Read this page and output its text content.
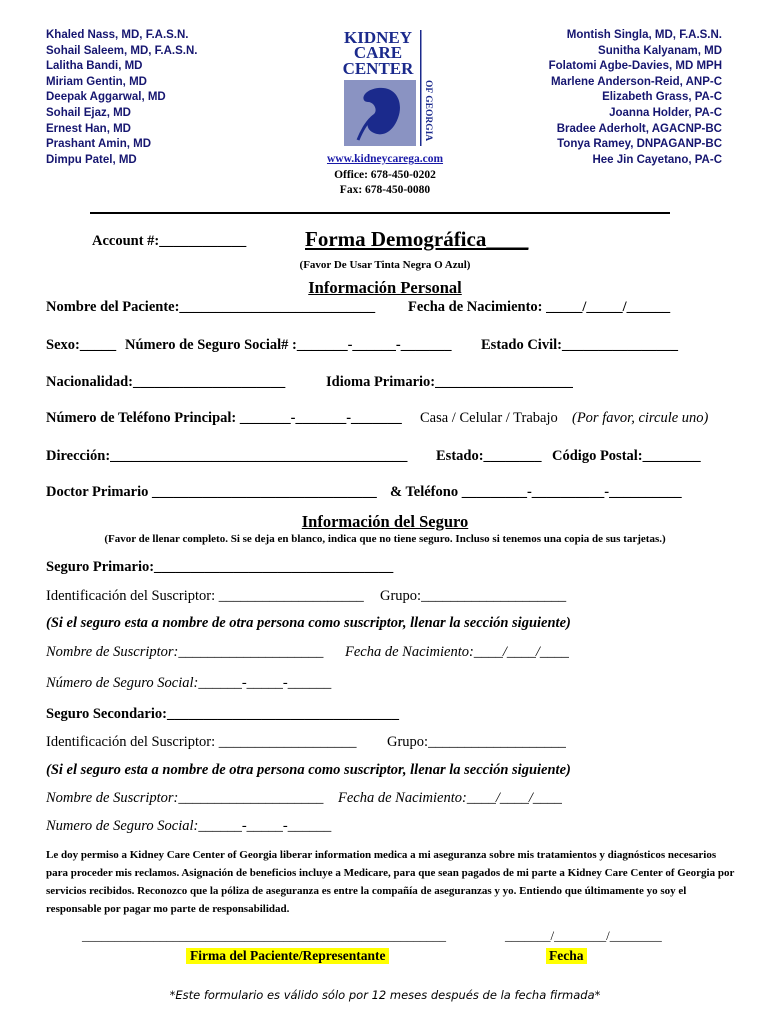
Khaled Nass, MD, F.A.S.N.
Sohail Saleem, MD, F.A.S.N.
Lalitha Bandi, MD
Miriam Gentin, MD
Deepak Aggarwal, MD
Sohail Ejaz, MD
Ernest Han, MD
Prashant Amin, MD
Dimpu Patel, MD
Montish Singla, MD, F.A.S.N.
Sunitha Kalyanam, MD
Folatomi Agbe-Davies, MD MPH
Marlene Anderson-Reid, ANP-C
Elizabeth Grass, PA-C
Joanna Holder, PA-C
Bradee Aderholt, AGACNP-BC
Tonya Ramey, DNPAGANP-BC
Hee Jin Cayetano, PA-C
KIDNEY
CARE
CENTER
OF GEORGIA
www.kidneycarega.com
Office: 678-450-0202
Fax: 678-450-0080
Account #:____________	Forma Demográfica____
(Favor De Usar Tinta Negra O Azul)
Información Personal
Nombre del Paciente:___________________________ Fecha de Nacimiento: _____/_____/______
Sexo:_____ Número de Seguro Social# :_______-______-_______ Estado Civil:________________
Nacionalidad:_____________________	Idioma Primario:___________________
Número de Teléfono Principal: _______-_______-_______ Casa / Celular / Trabajo (Por favor, circule uno)
Dirección:_________________________________________ Estado:________ Código Postal:________
Doctor Primario _______________________________ & Teléfono _________-__________-__________
Información del Seguro
(Favor de llenar completo. Si se deja en blanco, indica que no tiene seguro. Incluso si tenemos una copia de sus tarjetas.)
Seguro Primario:_________________________________
Identificación del Suscriptor: ____________________ Grupo:____________________
(Si el seguro esta a nombre de otra persona como suscriptor, llenar la sección siguiente)
Nombre de Suscriptor:____________________ Fecha de Nacimiento:____/____/____
Número de Seguro Social:______-_____-______
Seguro Secondario:________________________________
Identificación del Suscriptor: ___________________ Grupo:___________________
(Si el seguro esta a nombre de otra persona como suscriptor, llenar la sección siguiente)
Nombre de Suscriptor:____________________ Fecha de Nacimiento:____/____/____
Numero de Seguro Social:______-_____-______
Le doy permiso a Kidney Care Center of Georgia liberar information medica a mi aseguranza sobre mis tratamientos y diagnósticos necesarios para proceder mis reclamos. Asignación de beneficios incluye a Medicare, para que sean pagados de mi parte a Kidney Care Center of Georgia por servicios recibidos. Reconozco que la póliza de aseguranza es entre la compañía de aseguranzas y yo. Entiendo que últimamente yo soy el responsable por pagar mo parte de responsabilidad.
________________________________________________________
Firma del Paciente/Representante
_______/________/________
Fecha
*Este formulario es válido sólo por 12 meses después de la fecha firmada*
